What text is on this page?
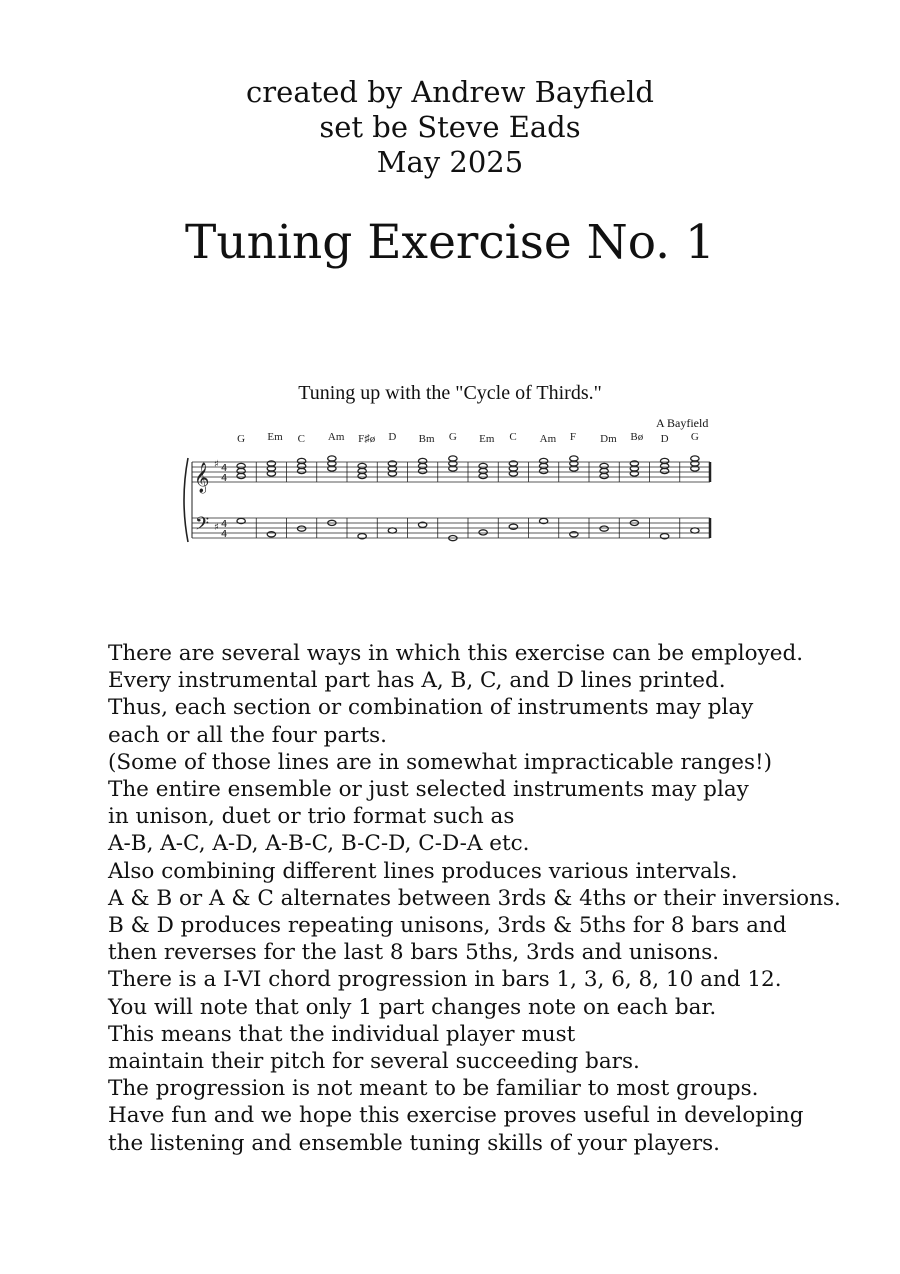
created by Andrew Bayfield
set be Steve Eads
May 2025
Tuning Exercise No. 1
Tuning up with the "Cycle of Thirds."
A Bayfield
G Em C Am F♯ø D Bm G Em C Am F Dm Bø D G
𝄞
𝄢
♯
♯
4
4
4
4

There are several ways in which this exercise can be employed.

Every instrumental part has A, B, C, and D lines printed.

Thus, each section or combination of instruments may play

each or all the four parts.

(Some of those lines are in somewhat impracticable ranges!)

The entire ensemble or just selected instruments may play

in unison, duet or trio format such as

A-B, A-C, A-D, A-B-C, B-C-D, C-D-A etc.

Also combining different lines produces various intervals.

A & B or A & C alternates between 3rds & 4ths or their inversions.

B & D produces repeating unisons, 3rds & 5ths for 8 bars and

then reverses for the last 8 bars 5ths, 3rds and unisons.

There is a I-VI chord progression in bars 1, 3, 6, 8, 10 and 12.

You will note that only 1 part changes note on each bar.

This means that the individual player must

maintain their pitch for several succeeding bars.

The progression is not meant to be familiar to most groups.

Have fun and we hope this exercise proves useful in developing

the listening and ensemble tuning skills of your players.
